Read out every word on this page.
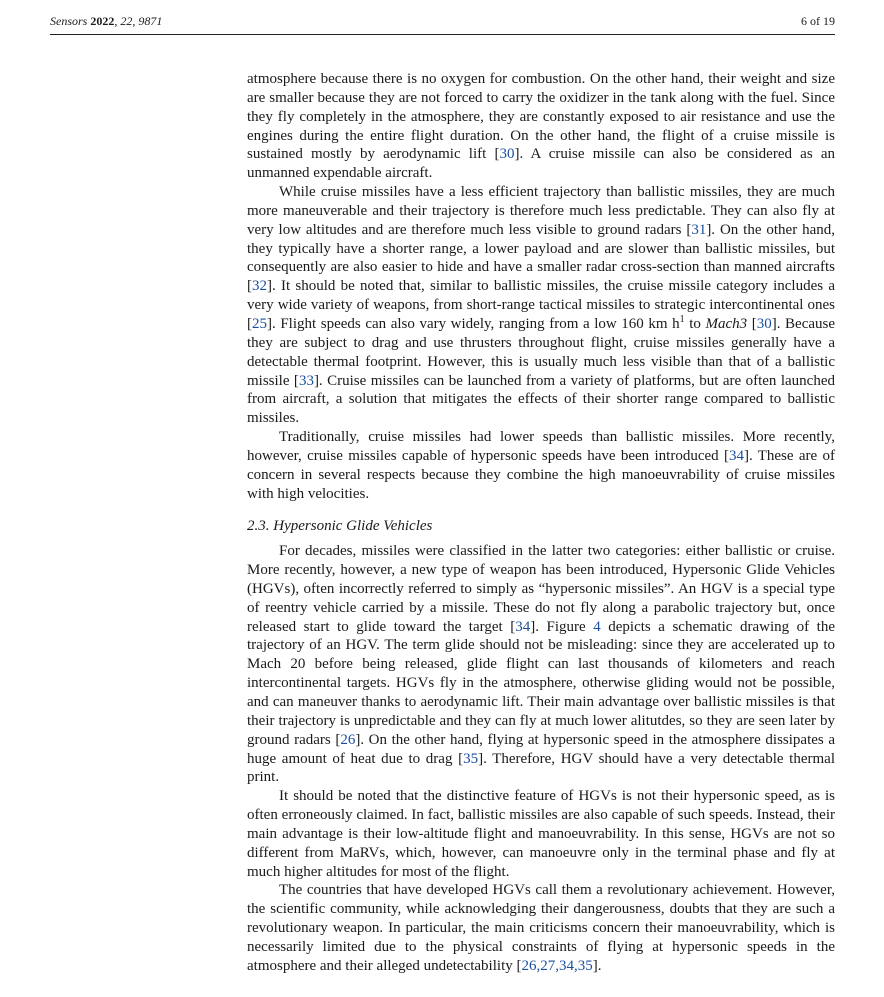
Sensors 2022, 22, 9871	6 of 19

atmosphere because there is no oxygen for combustion. On the other hand, their weight and size are smaller because they are not forced to carry the oxidizer in the tank along with the fuel. Since they fly completely in the atmosphere, they are constantly exposed to air resistance and use the engines during the entire flight duration. On the other hand, the flight of a cruise missile is sustained mostly by aerodynamic lift [30]. A cruise missile can also be considered as an unmanned expendable aircraft.

While cruise missiles have a less efficient trajectory than ballistic missiles, they are much more maneuverable and their trajectory is therefore much less predictable. They can also fly at very low altitudes and are therefore much less visible to ground radars [31]. On the other hand, they typically have a shorter range, a lower payload and are slower than ballistic missiles, but consequently are also easier to hide and have a smaller radar cross-section than manned aircrafts [32]. It should be noted that, similar to ballistic missiles, the cruise missile category includes a very wide variety of weapons, from short-range tactical missiles to strategic intercontinental ones [25]. Flight speeds can also vary widely, ranging from a low 160 km $h^1$ to Mach3 [30]. Because they are subject to drag and use thrusters throughout flight, cruise missiles generally have a detectable thermal footprint. However, this is usually much less visible than that of a ballistic missile [33]. Cruise missiles can be launched from a variety of platforms, but are often launched from aircraft, a solution that mitigates the effects of their shorter range compared to ballistic missiles.

Traditionally, cruise missiles had lower speeds than ballistic missiles. More recently, however, cruise missiles capable of hypersonic speeds have been introduced [34]. These are of concern in several respects because they combine the high manoeuvrability of cruise missiles with high velocities.

2.3. Hypersonic Glide Vehicles

For decades, missiles were classified in the latter two categories: either ballistic or cruise. More recently, however, a new type of weapon has been introduced, Hypersonic Glide Vehicles (HGVs), often incorrectly referred to simply as “hypersonic missiles”. An HGV is a special type of reentry vehicle carried by a missile. These do not fly along a parabolic trajectory but, once released start to glide toward the target [34]. Figure 4 depicts a schematic drawing of the trajectory of an HGV. The term glide should not be misleading: since they are accelerated up to Mach 20 before being released, glide flight can last thousands of kilometers and reach intercontinental targets. HGVs fly in the atmosphere, otherwise gliding would not be possible, and can maneuver thanks to aerodynamic lift. Their main advantage over ballistic missiles is that their trajectory is unpredictable and they can fly at much lower alitutdes, so they are seen later by ground radars [26]. On the other hand, flying at hypersonic speed in the atmosphere dissipates a huge amount of heat due to drag [35]. Therefore, HGV should have a very detectable thermal print.

It should be noted that the distinctive feature of HGVs is not their hypersonic speed, as is often erroneously claimed. In fact, ballistic missiles are also capable of such speeds. Instead, their main advantage is their low-altitude flight and manoeuvrability. In this sense, HGVs are not so different from MaRVs, which, however, can manoeuvre only in the terminal phase and fly at much higher altitudes for most of the flight.

The countries that have developed HGVs call them a revolutionary achievement. However, the scientific community, while acknowledging their dangerousness, doubts that they are such a revolutionary weapon. In particular, the main criticisms concern their manoeuvrability, which is necessarily limited due to the physical constraints of flying at hypersonic speeds in the atmosphere and their alleged undetectability [26,27,34,35].
